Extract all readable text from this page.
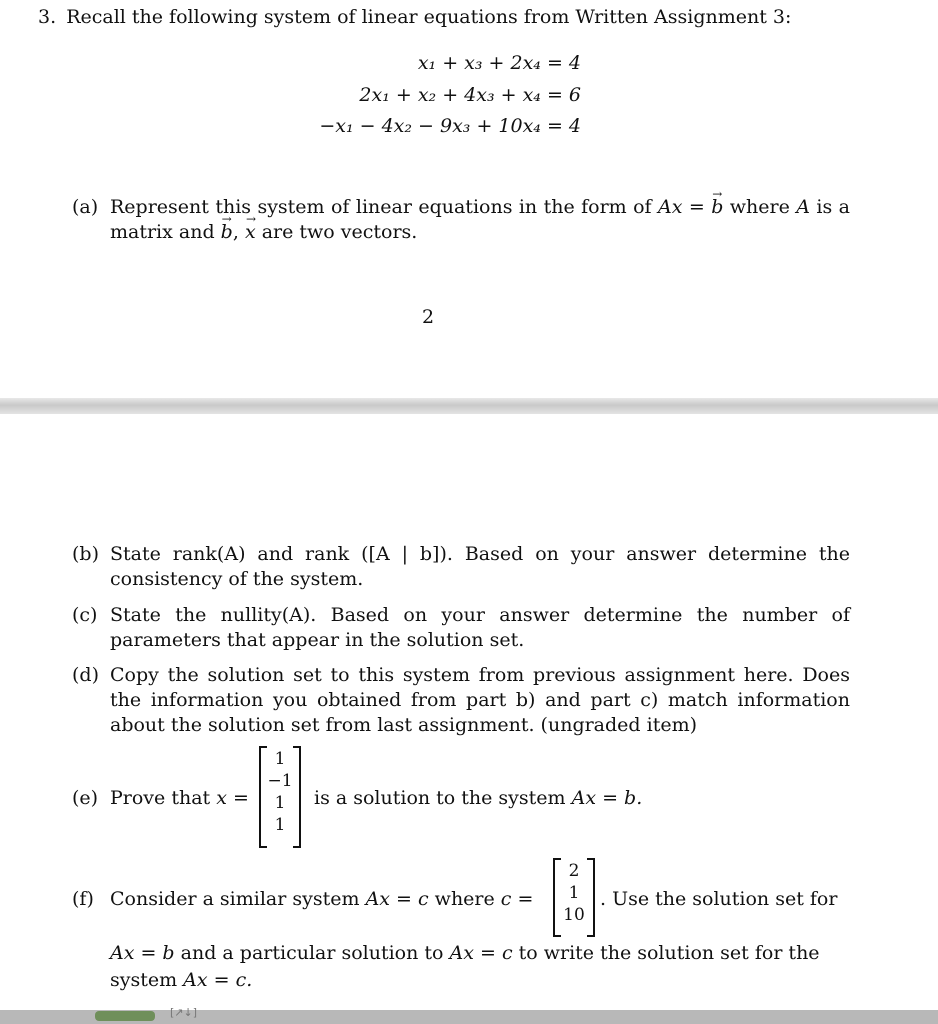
3. Recall the following system of linear equations from Written Assignment 3:
x₁ + x₃ + 2x₄ = 4
2x₁ + x₂ + 4x₃ + x₄ = 6
−x₁ − 4x₂ − 9x₃ + 10x₄ = 4
(a) Represent this system of linear equations in the form of Ax = → b where A is a matrix and → b, → x are two vectors.
2
(b) State rank(A) and rank ([A | b]). Based on your answer determine the consistency of the system.
(c) State the nullity(A). Based on your answer determine the number of parameters that appear in the solution set.
(d) Copy the solution set to this system from previous assignment here. Does the information you obtained from part b) and part c) match information about the solution set from last assignment. (ungraded item)
(e) Prove that x =
1
−1
1
1
is a solution to the system Ax = b.
(f) Consider a similar system Ax = c where c =
2
1
10
. Use the solution set for
Ax = b and a particular solution to Ax = c to write the solution set for the
system Ax = c.
[↗↓]
